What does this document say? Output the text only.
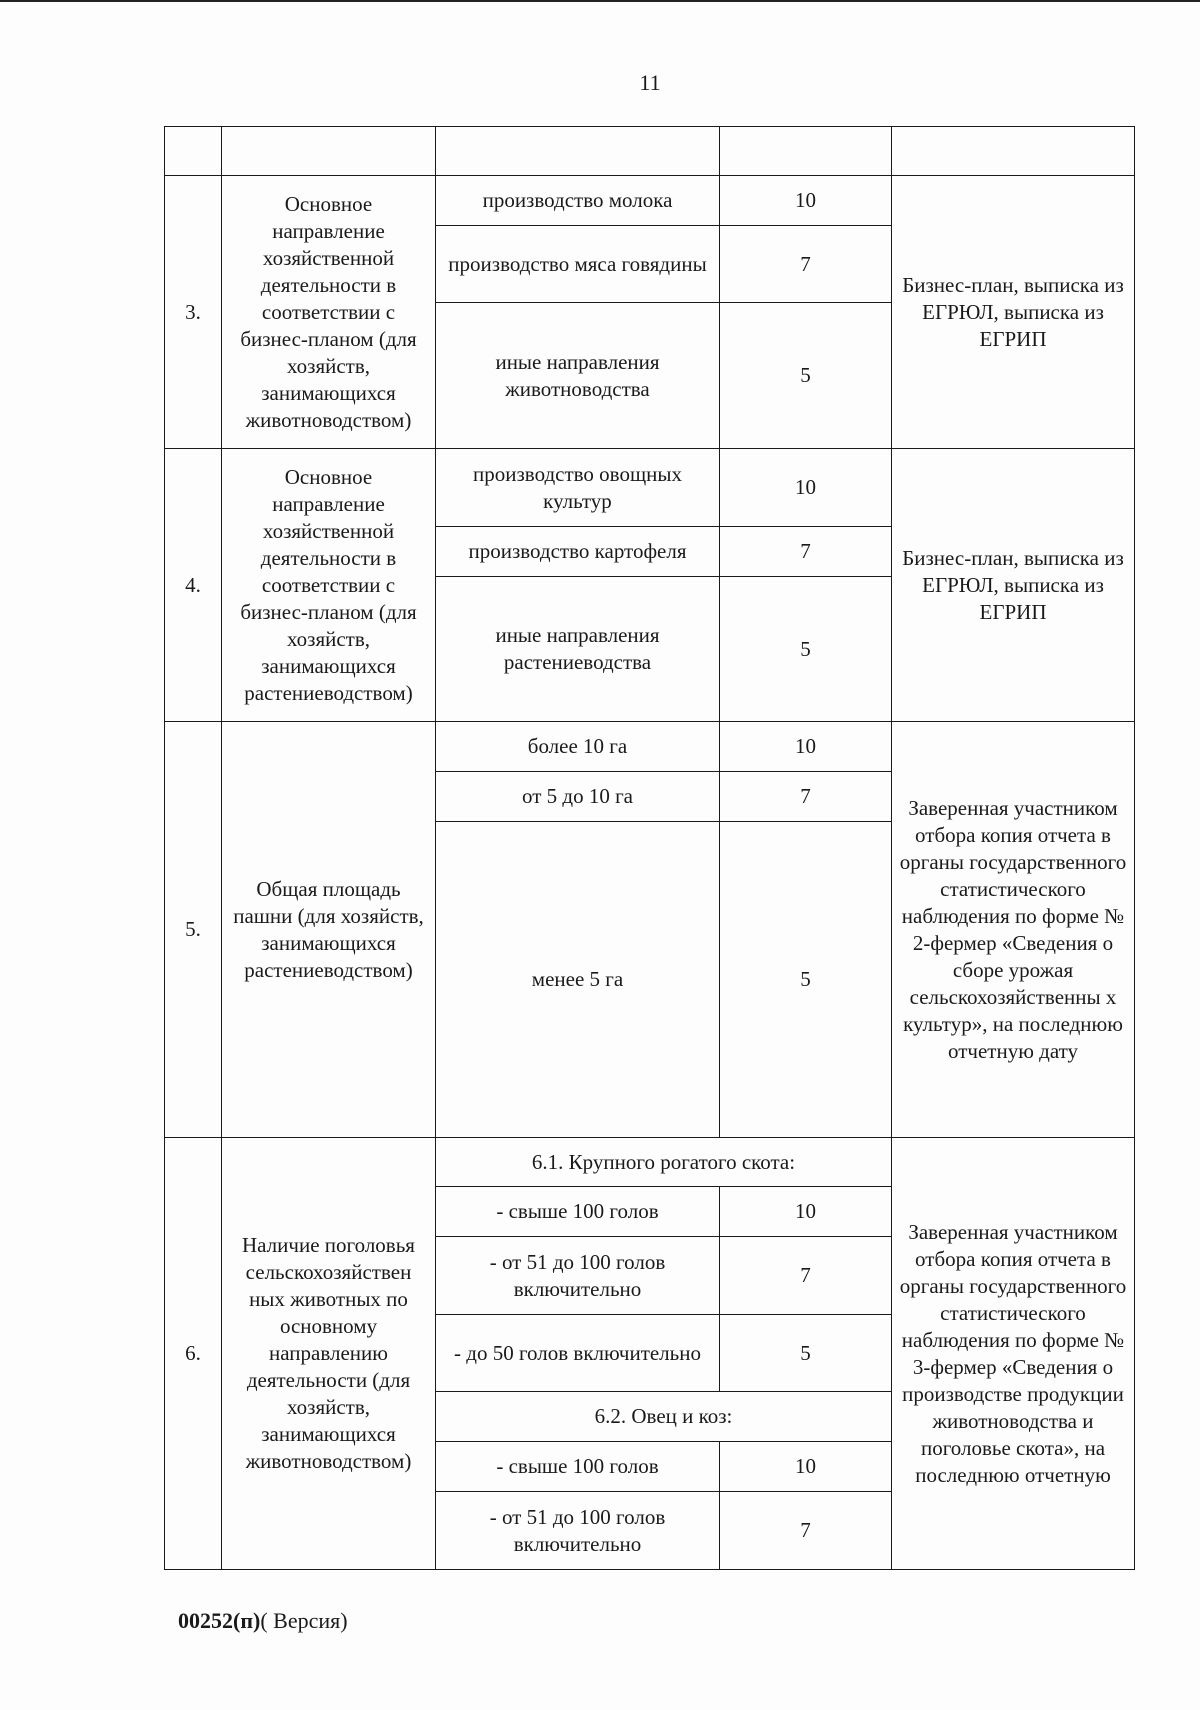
11

3.	Основное направление хозяйственной деятельности в соответствии с бизнес-планом (для хозяйств, занимающихся животноводством)	производство молока	10	Бизнес-план, выписка из ЕГРЮЛ, выписка из ЕГРИП
		производство мяса говядины	7	
		иные направления животноводства	5	
4.	Основное направление хозяйственной деятельности в соответствии с бизнес-планом (для хозяйств, занимающихся растениеводством)	производство овощных культур	10	Бизнес-план, выписка из ЕГРЮЛ, выписка из ЕГРИП
		производство картофеля	7	
		иные направления растениеводства	5	
5.	Общая площадь пашни (для хозяйств, занимающихся растениеводством)	более 10 га	10	Заверенная участником отбора копия отчета в органы государственного статистического наблюдения по форме № 2-фермер «Сведения о сборе урожая сельскохозяйственны х культур», на последнюю отчетную дату
		от 5 до 10 га	7	
		менее 5 га	5	
6.	Наличие поголовья сельскохозяйствен ных животных по основному направлению деятельности (для хозяйств, занимающихся животноводством)	6.1. Крупного рогатого скота:		Заверенная участником отбора копия отчета в органы государственного статистического наблюдения по форме № 3-фермер «Сведения о производстве продукции животноводства и поголовье скота», на последнюю отчетную
		- свыше 100 голов	10	
		- от 51 до 100 голов включительно	7	
		- до 50 голов включительно	5	
		6.2. Овец и коз:		
		- свыше 100 голов	10	
		- от 51 до 100 голов включительно	7	
00252(п)( Версия)
